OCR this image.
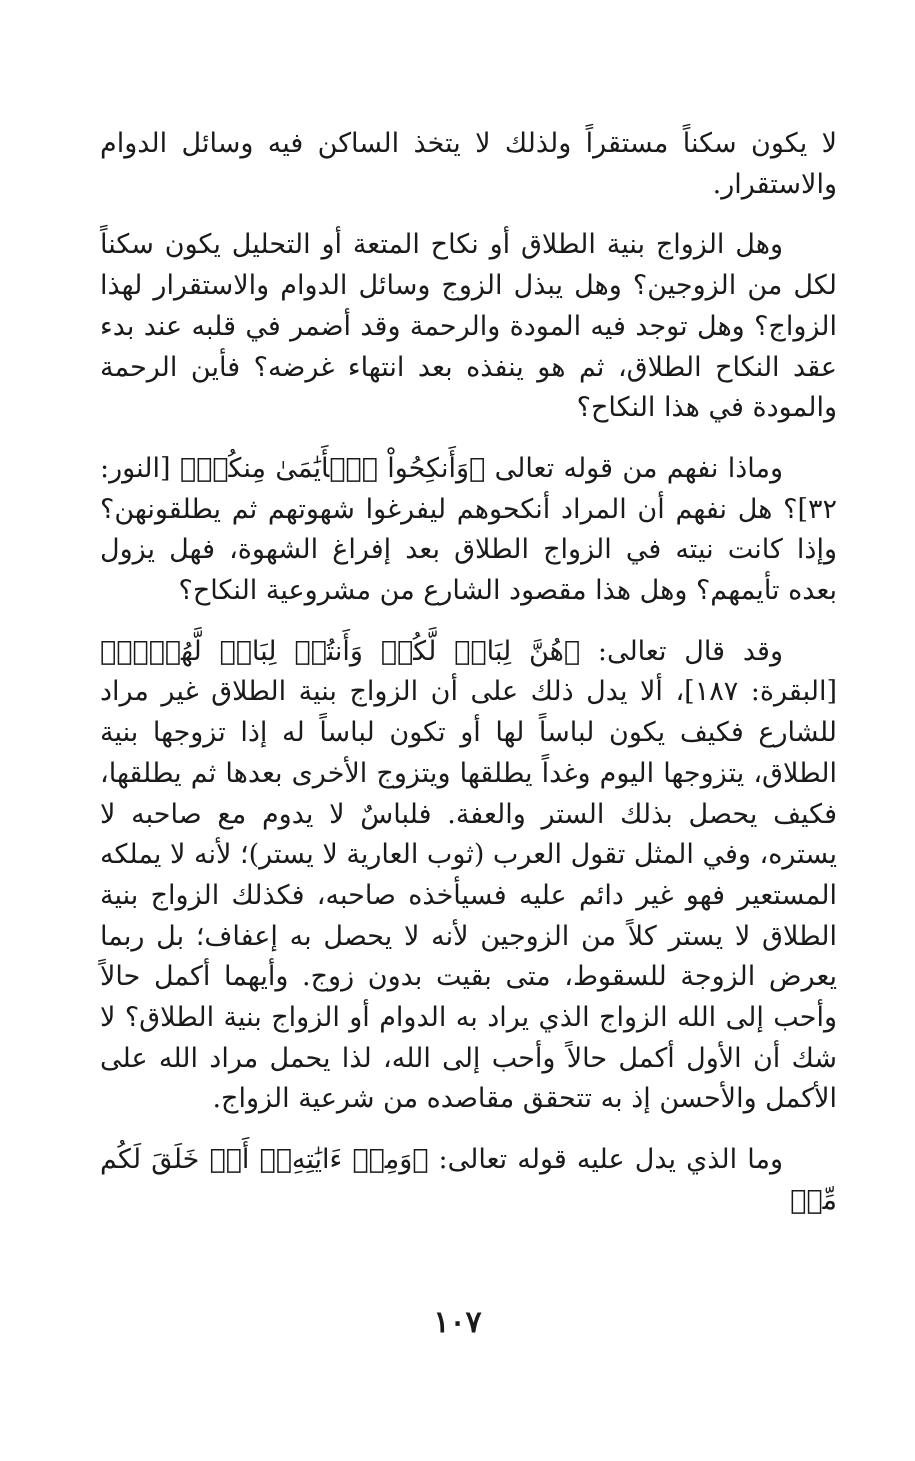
لا يكون سكناً مستقراً ولذلك لا يتخذ الساكن فيه وسائل الدوام والاستقرار.

وهل الزواج بنية الطلاق أو نكاح المتعة أو التحليل يكون سكناً لكل من الزوجين؟ وهل يبذل الزوج وسائل الدوام والاستقرار لهذا الزواج؟ وهل توجد فيه المودة والرحمة وقد أضمر في قلبه عند بدء عقد النكاح الطلاق، ثم هو ينفذه بعد انتهاء غرضه؟ فأين الرحمة والمودة في هذا النكاح؟

وماذا نفهم من قوله تعالى ﴿وَأَنكِحُواْ ٱلۡأَيَٰمَىٰ مِنكُمۡ﴾ [النور: ٣٢]؟ هل نفهم أن المراد أنكحوهم ليفرغوا شهوتهم ثم يطلقونهن؟ وإذا كانت نيته في الزواج الطلاق بعد إفراغ الشهوة، فهل يزول بعده تأيمهم؟ وهل هذا مقصود الشارع من مشروعية النكاح؟

وقد قال تعالى: ﴿هُنَّ لِبَاسٞ لَّكُمۡ وَأَنتُمۡ لِبَاسٞ لَّهُنَّۗ﴾ [البقرة: ١٨٧]، ألا يدل ذلك على أن الزواج بنية الطلاق غير مراد للشارع فكيف يكون لباساً لها أو تكون لباساً له إذا تزوجها بنية الطلاق، يتزوجها اليوم وغداً يطلقها ويتزوج الأخرى بعدها ثم يطلقها، فكيف يحصل بذلك الستر والعفة. فلباسٌ لا يدوم مع صاحبه لا يستره، وفي المثل تقول العرب (ثوب العارية لا يستر)؛ لأنه لا يملكه المستعير فهو غير دائم عليه فسيأخذه صاحبه، فكذلك الزواج بنية الطلاق لا يستر كلاً من الزوجين لأنه لا يحصل به إعفاف؛ بل ربما يعرض الزوجة للسقوط، متى بقيت بدون زوج. وأيهما أكمل حالاً وأحب إلى الله الزواج الذي يراد به الدوام أو الزواج بنية الطلاق؟ لا شك أن الأول أكمل حالاً وأحب إلى الله، لذا يحمل مراد الله على الأكمل والأحسن إذ به تتحقق مقاصده من شرعية الزواج.

وما الذي يدل عليه قوله تعالى: ﴿وَمِنۡ ءَايَٰتِهِۦٓ أَنۡ خَلَقَ لَكُم مِّنۡ

١٠٧
